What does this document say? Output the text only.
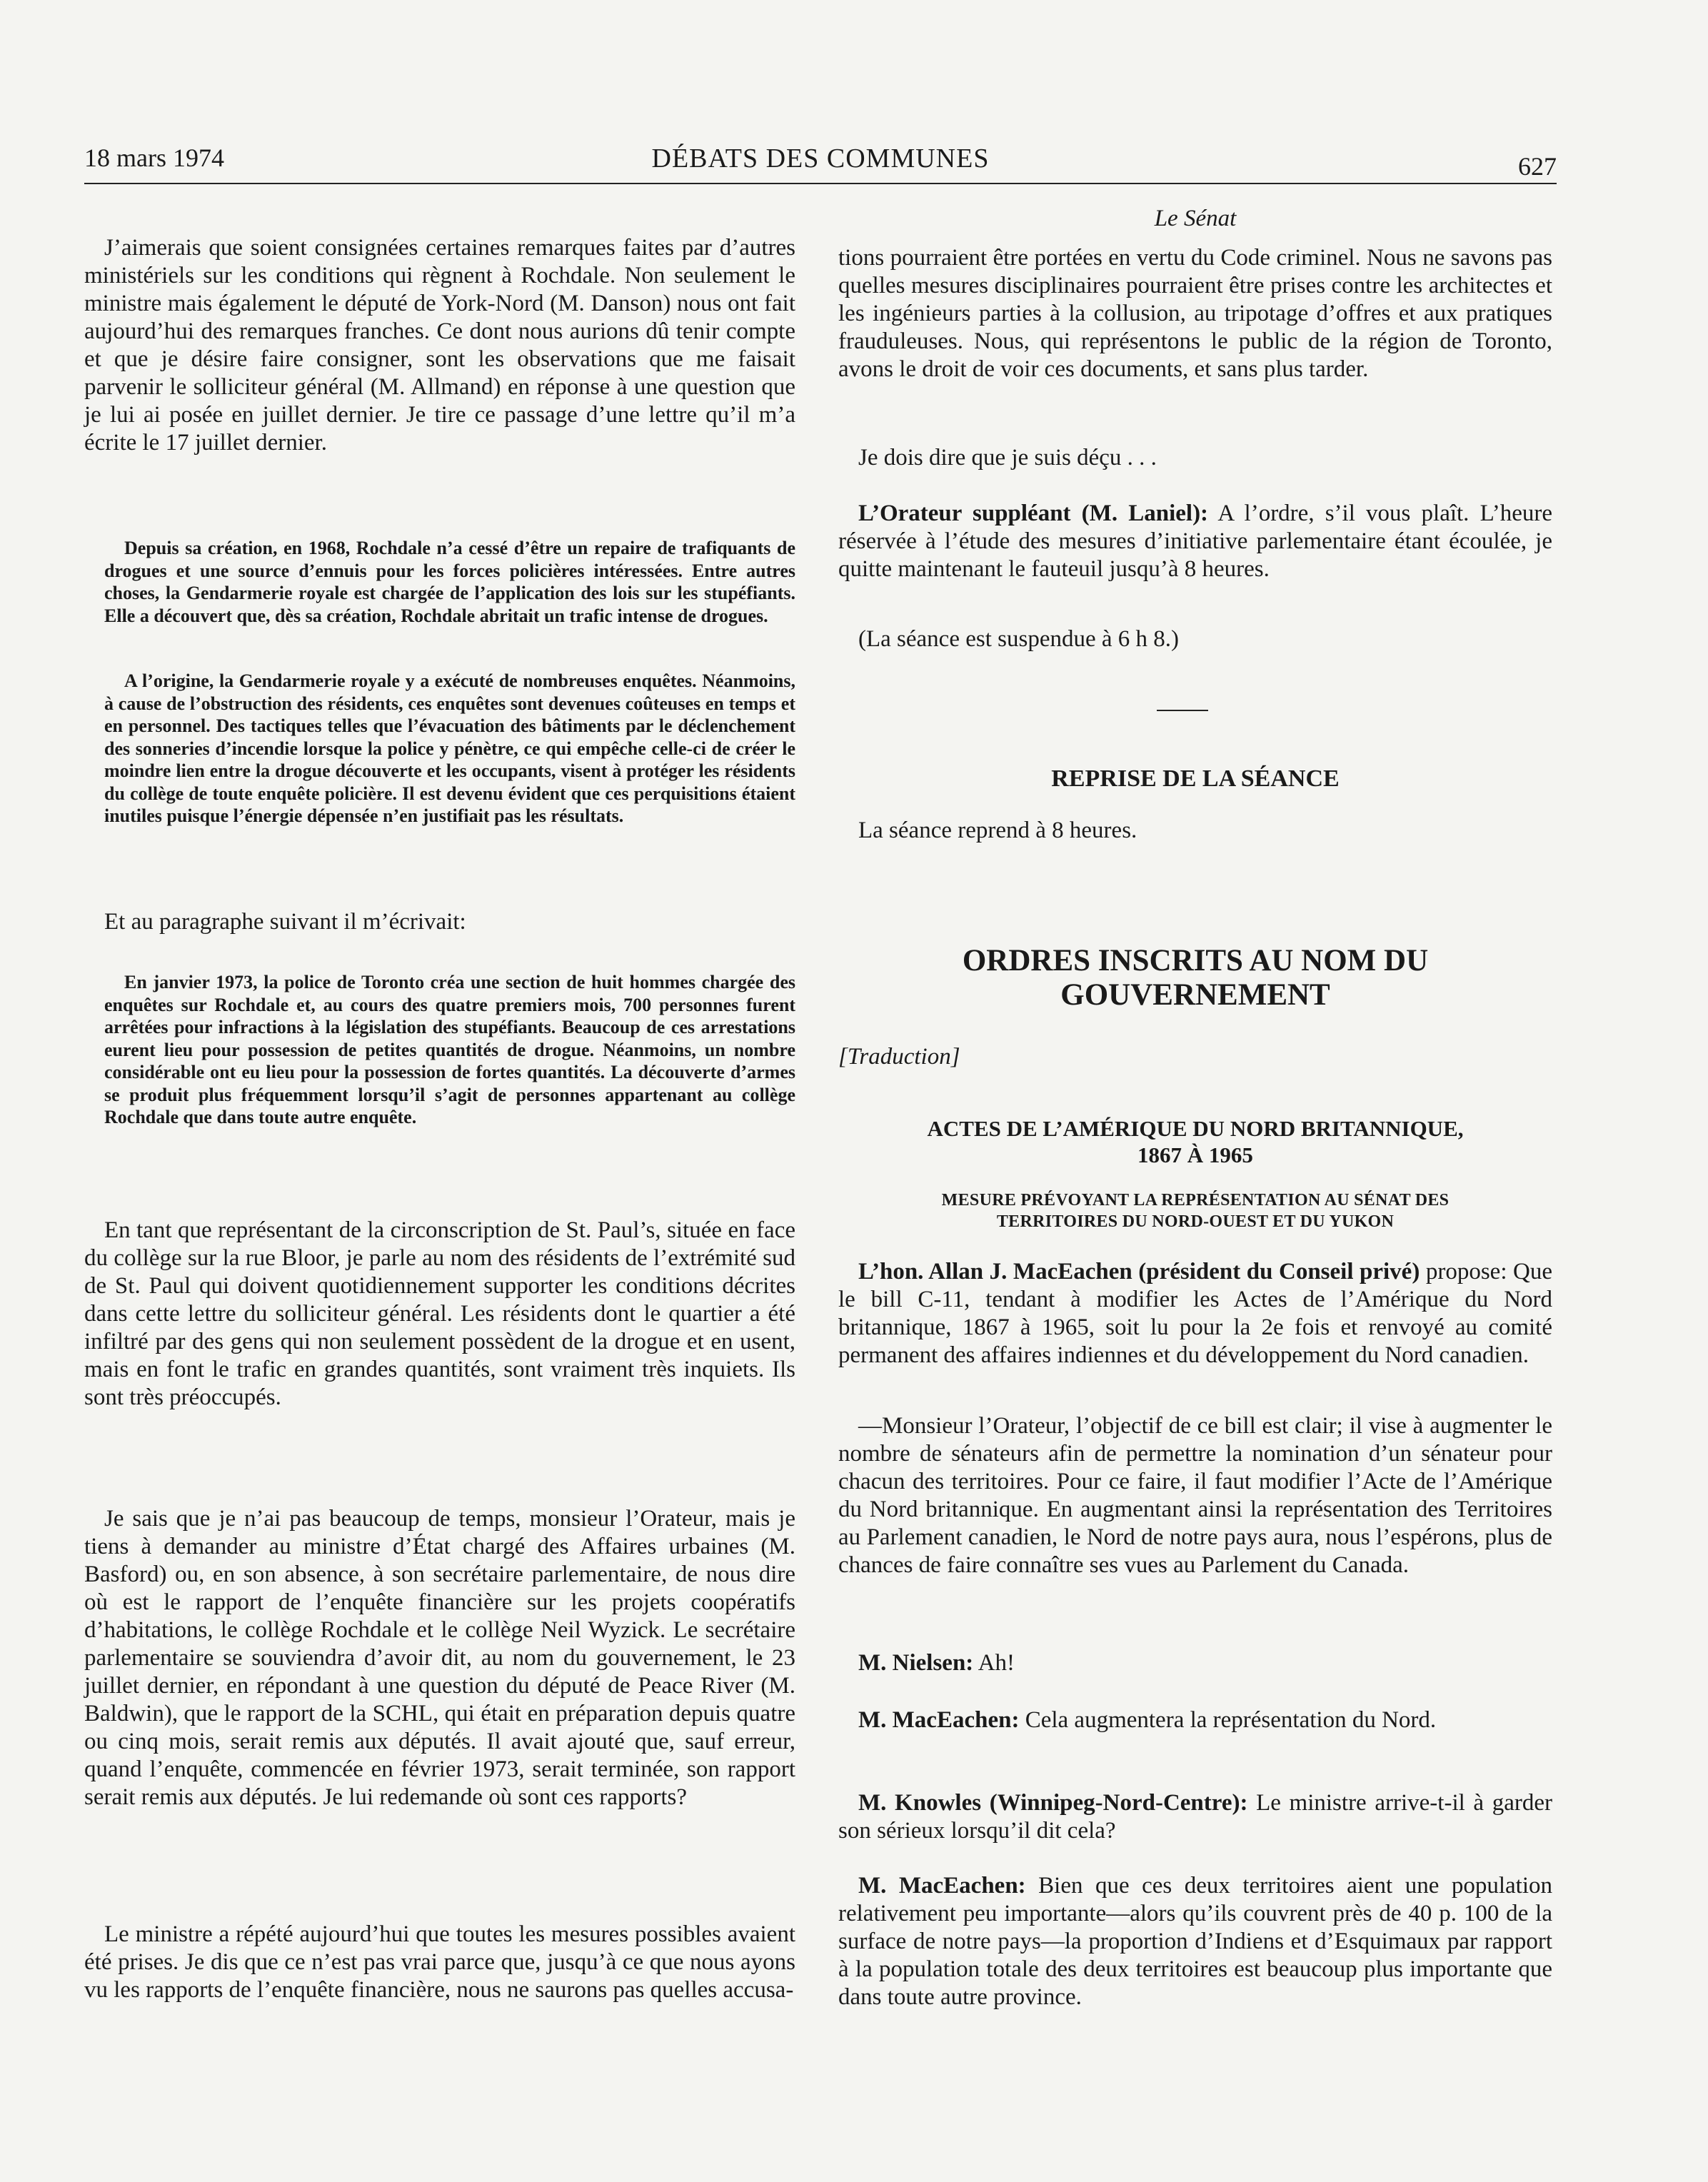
18 mars 1974	DÉBATS DES COMMUNES	627

J’aimerais que soient consignées certaines remarques faites par d’autres ministériels sur les conditions qui règnent à Rochdale. Non seulement le ministre mais également le député de York-Nord (M. Danson) nous ont fait aujourd’hui des remarques franches. Ce dont nous aurions dû tenir compte et que je désire faire consigner, sont les observations que me faisait parvenir le solliciteur général (M. Allmand) en réponse à une question que je lui ai posée en juillet dernier. Je tire ce passage d’une lettre qu’il m’a écrite le 17 juillet dernier.

Depuis sa création, en 1968, Rochdale n’a cessé d’être un repaire de trafiquants de drogues et une source d’ennuis pour les forces policières intéressées. Entre autres choses, la Gendarmerie royale est chargée de l’application des lois sur les stupéfiants. Elle a découvert que, dès sa création, Rochdale abritait un trafic intense de drogues.

A l’origine, la Gendarmerie royale y a exécuté de nombreuses enquêtes. Néanmoins, à cause de l’obstruction des résidents, ces enquêtes sont devenues coûteuses en temps et en personnel. Des tactiques telles que l’évacuation des bâtiments par le déclenchement des sonneries d’incendie lorsque la police y pénètre, ce qui empêche celle-ci de créer le moindre lien entre la drogue découverte et les occupants, visent à protéger les résidents du collège de toute enquête policière. Il est devenu évident que ces perquisitions étaient inutiles puisque l’énergie dépensée n’en justifiait pas les résultats.

Et au paragraphe suivant il m’écrivait:

En janvier 1973, la police de Toronto créa une section de huit hommes chargée des enquêtes sur Rochdale et, au cours des quatre premiers mois, 700 personnes furent arrêtées pour infractions à la législation des stupéfiants. Beaucoup de ces arrestations eurent lieu pour possession de petites quantités de drogue. Néanmoins, un nombre considérable ont eu lieu pour la possession de fortes quantités. La découverte d’armes se produit plus fréquemment lorsqu’il s’agit de personnes appartenant au collège Rochdale que dans toute autre enquête.

En tant que représentant de la circonscription de St. Paul’s, située en face du collège sur la rue Bloor, je parle au nom des résidents de l’extrémité sud de St. Paul qui doivent quotidiennement supporter les conditions décrites dans cette lettre du solliciteur général. Les résidents dont le quartier a été infiltré par des gens qui non seulement possèdent de la drogue et en usent, mais en font le trafic en grandes quantités, sont vraiment très inquiets. Ils sont très préoccupés.

Je sais que je n’ai pas beaucoup de temps, monsieur l’Orateur, mais je tiens à demander au ministre d’État chargé des Affaires urbaines (M. Basford) ou, en son absence, à son secrétaire parlementaire, de nous dire où est le rapport de l’enquête financière sur les projets coopératifs d’habitations, le collège Rochdale et le collège Neil Wyzick. Le secrétaire parlementaire se souviendra d’avoir dit, au nom du gouvernement, le 23 juillet dernier, en répondant à une question du député de Peace River (M. Baldwin), que le rapport de la SCHL, qui était en préparation depuis quatre ou cinq mois, serait remis aux députés. Il avait ajouté que, sauf erreur, quand l’enquête, commencée en février 1973, serait terminée, son rapport serait remis aux députés. Je lui redemande où sont ces rapports?

Le ministre a répété aujourd’hui que toutes les mesures possibles avaient été prises. Je dis que ce n’est pas vrai parce que, jusqu’à ce que nous ayons vu les rapports de l’enquête financière, nous ne saurons pas quelles accusa-

Le Sénat

tions pourraient être portées en vertu du Code criminel. Nous ne savons pas quelles mesures disciplinaires pourraient être prises contre les architectes et les ingénieurs parties à la collusion, au tripotage d’offres et aux pratiques frauduleuses. Nous, qui représentons le public de la région de Toronto, avons le droit de voir ces documents, et sans plus tarder.

Je dois dire que je suis déçu . . .

L’Orateur suppléant (M. Laniel): A l’ordre, s’il vous plaît. L’heure réservée à l’étude des mesures d’initiative parlementaire étant écoulée, je quitte maintenant le fauteuil jusqu’à 8 heures.

(La séance est suspendue à 6 h 8.)

REPRISE DE LA SÉANCE

La séance reprend à 8 heures.

ORDRES INSCRITS AU NOM DU
GOUVERNEMENT
[Traduction]
ACTES DE L’AMÉRIQUE DU NORD BRITANNIQUE,
1867 À 1965
MESURE PRÉVOYANT LA REPRÉSENTATION AU SÉNAT DES
TERRITOIRES DU NORD-OUEST ET DU YUKON

L’hon. Allan J. MacEachen (président du Conseil privé) propose: Que le bill C-11, tendant à modifier les Actes de l’Amérique du Nord britannique, 1867 à 1965, soit lu pour la 2e fois et renvoyé au comité permanent des affaires indiennes et du développement du Nord canadien.

—Monsieur l’Orateur, l’objectif de ce bill est clair; il vise à augmenter le nombre de sénateurs afin de permettre la nomination d’un sénateur pour chacun des territoires. Pour ce faire, il faut modifier l’Acte de l’Amérique du Nord britannique. En augmentant ainsi la représentation des Territoires au Parlement canadien, le Nord de notre pays aura, nous l’espérons, plus de chances de faire connaître ses vues au Parlement du Canada.

M. Nielsen: Ah!

M. MacEachen: Cela augmentera la représentation du Nord.

M. Knowles (Winnipeg-Nord-Centre): Le ministre arrive-t-il à garder son sérieux lorsqu’il dit cela?

M. MacEachen: Bien que ces deux territoires aient une population relativement peu importante—alors qu’ils couvrent près de 40 p. 100 de la surface de notre pays—la proportion d’Indiens et d’Esquimaux par rapport à la population totale des deux territoires est beaucoup plus importante que dans toute autre province.
